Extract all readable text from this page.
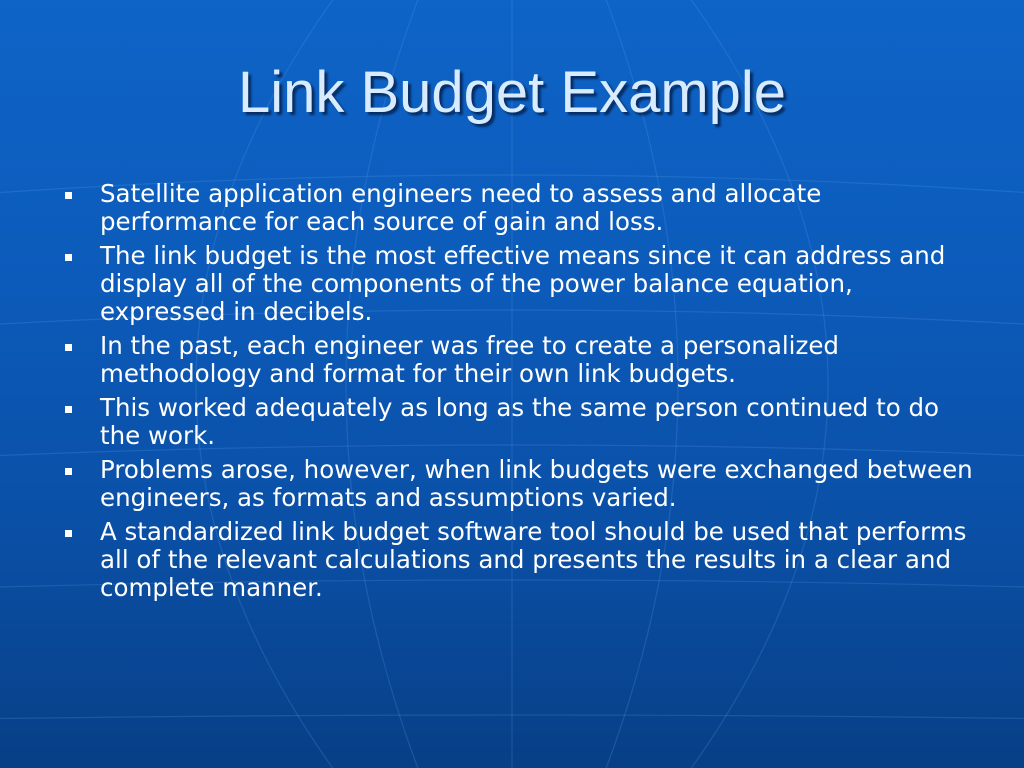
Link Budget Example
Satellite application engineers need to assess and allocate performance for each source of gain and loss.
The link budget is the most effective means since it can address and display all of the components of the power balance equation, expressed in decibels.
In the past, each engineer was free to create a personalized methodology and format for their own link budgets.
This worked adequately as long as the same person continued to do the work.
Problems arose, however, when link budgets were exchanged between engineers, as formats and assumptions varied.
A standardized link budget software tool should be used that performs all of the relevant calculations and presents the results in a clear and complete manner.
